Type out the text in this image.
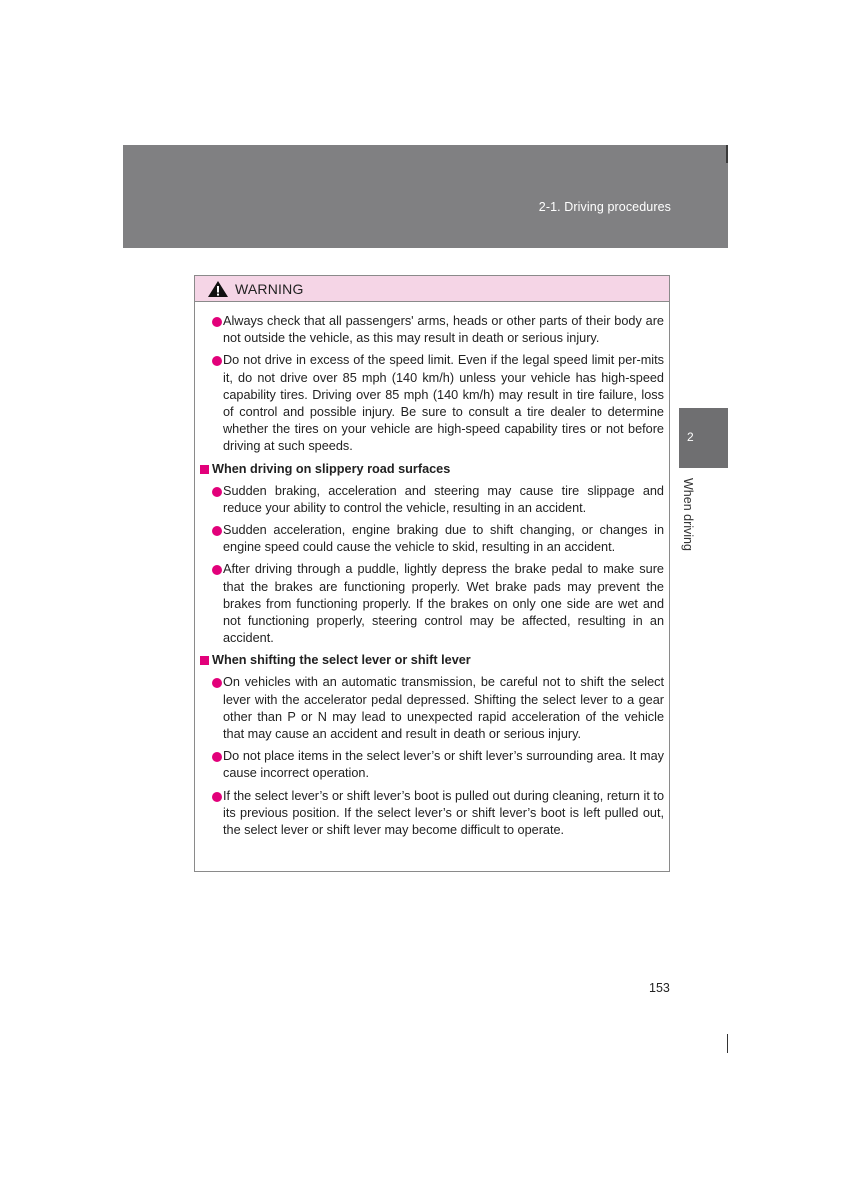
2-1. Driving procedures
2
When driving
WARNING
Always check that all passengers' arms, heads or other parts of their body are not outside the vehicle, as this may result in death or serious injury.
Do not drive in excess of the speed limit. Even if the legal speed limit per-mits it, do not drive over 85 mph (140 km/h) unless your vehicle has high-speed capability tires. Driving over 85 mph (140 km/h) may result in tire failure, loss of control and possible injury. Be sure to consult a tire dealer to determine whether the tires on your vehicle are high-speed capability tires or not before driving at such speeds.
When driving on slippery road surfaces
Sudden braking, acceleration and steering may cause tire slippage and reduce your ability to control the vehicle, resulting in an accident.
Sudden acceleration, engine braking due to shift changing, or changes in engine speed could cause the vehicle to skid, resulting in an accident.
After driving through a puddle, lightly depress the brake pedal to make sure that the brakes are functioning properly. Wet brake pads may prevent the brakes from functioning properly. If the brakes on only one side are wet and not functioning properly, steering control may be affected, resulting in an accident.
When shifting the select lever or shift lever
On vehicles with an automatic transmission, be careful not to shift the select lever with the accelerator pedal depressed. Shifting the select lever to a gear other than P or N may lead to unexpected rapid acceleration of the vehicle that may cause an accident and result in death or serious injury.
Do not place items in the select lever’s or shift lever’s surrounding area. It may cause incorrect operation.
If the select lever’s or shift lever’s boot is pulled out during cleaning, return it to its previous position. If the select lever’s or shift lever’s boot is left pulled out, the select lever or shift lever may become difficult to operate.
153
